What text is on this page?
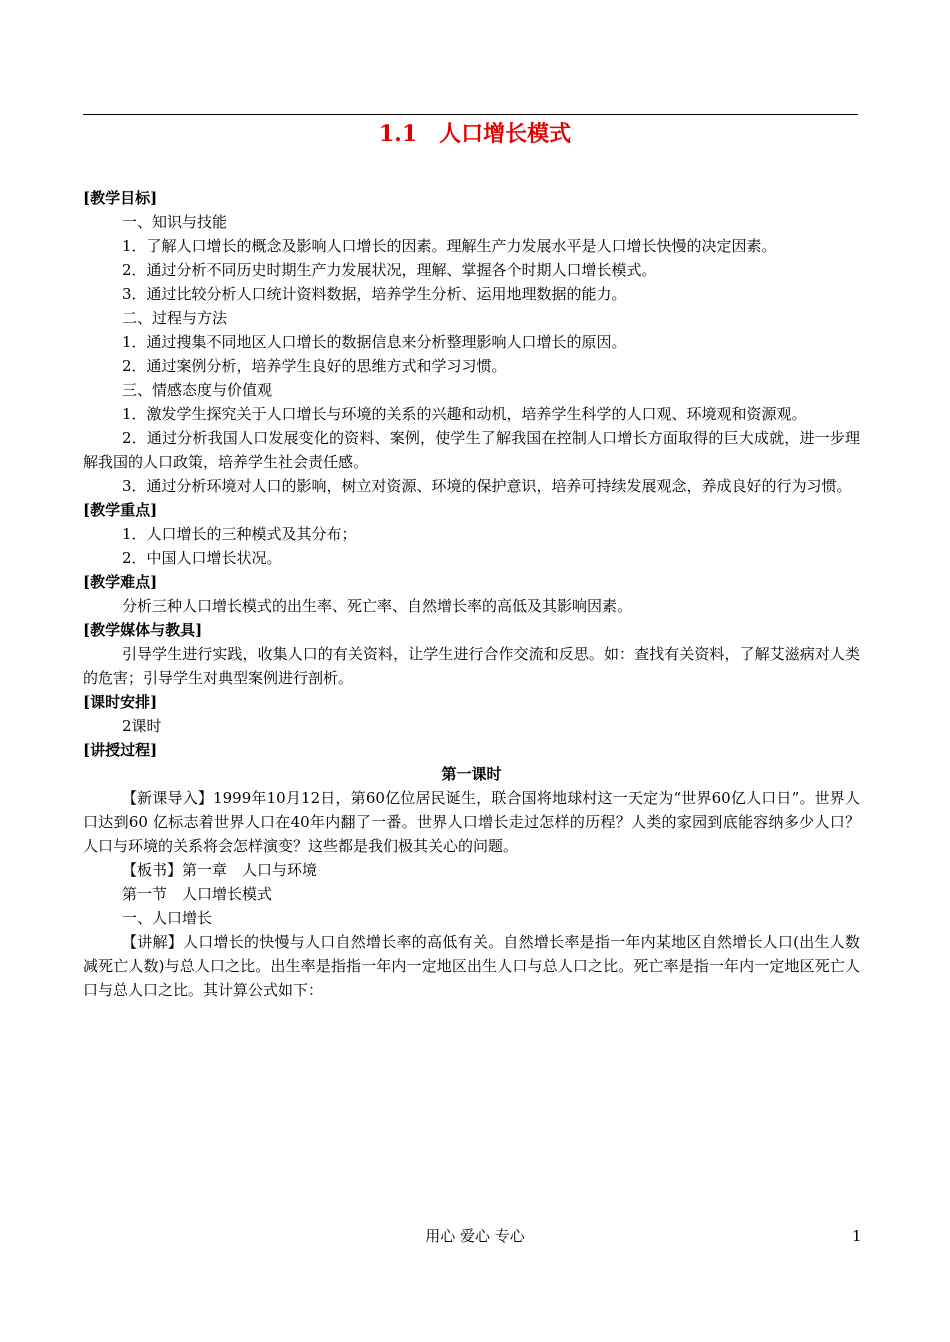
1.1　人口增长模式

[教学目标]

一、知识与技能

1．了解人口增长的概念及影响人口增长的因素。理解生产力发展水平是人口增长快慢的决定因素。

2．通过分析不同历史时期生产力发展状况，理解、掌握各个时期人口增长模式。

3．通过比较分析人口统计资料数据，培养学生分析、运用地理数据的能力。

二、过程与方法

1．通过搜集不同地区人口增长的数据信息来分析整理影响人口增长的原因。

2．通过案例分析，培养学生良好的思维方式和学习习惯。

三、情感态度与价值观

1．激发学生探究关于人口增长与环境的关系的兴趣和动机，培养学生科学的人口观、环境观和资源观。

2．通过分析我国人口发展变化的资料、案例，使学生了解我国在控制人口增长方面取得的巨大成就，进一步理解我国的人口政策，培养学生社会责任感。

3．通过分析环境对人口的影响，树立对资源、环境的保护意识，培养可持续发展观念，养成良好的行为习惯。

[教学重点]

1．人口增长的三种模式及其分布；

2．中国人口增长状况。

[教学难点]

分析三种人口增长模式的出生率、死亡率、自然增长率的高低及其影响因素。

[教学媒体与教具]

引导学生进行实践，收集人口的有关资料，让学生进行合作交流和反思。如：查找有关资料，了解艾滋病对人类的危害；引导学生对典型案例进行剖析。

[课时安排]

2课时

[讲授过程]

第一课时

【新课导入】1999年10月12日，第60亿位居民诞生，联合国将地球村这一天定为“世界60亿人口日”。世界人口达到60 亿标志着世界人口在40年内翻了一番。世界人口增长走过怎样的历程？人类的家园到底能容纳多少人口？人口与环境的关系将会怎样演变？这些都是我们极其关心的问题。

【板书】第一章　人口与环境

第一节　人口增长模式

一、人口增长

【讲解】人口增长的快慢与人口自然增长率的高低有关。自然增长率是指一年内某地区自然增长人口(出生人数减死亡人数)与总人口之比。出生率是指指一年内一定地区出生人口与总人口之比。死亡率是指一年内一定地区死亡人口与总人口之比。其计算公式如下：

用心 爱心 专心	1
